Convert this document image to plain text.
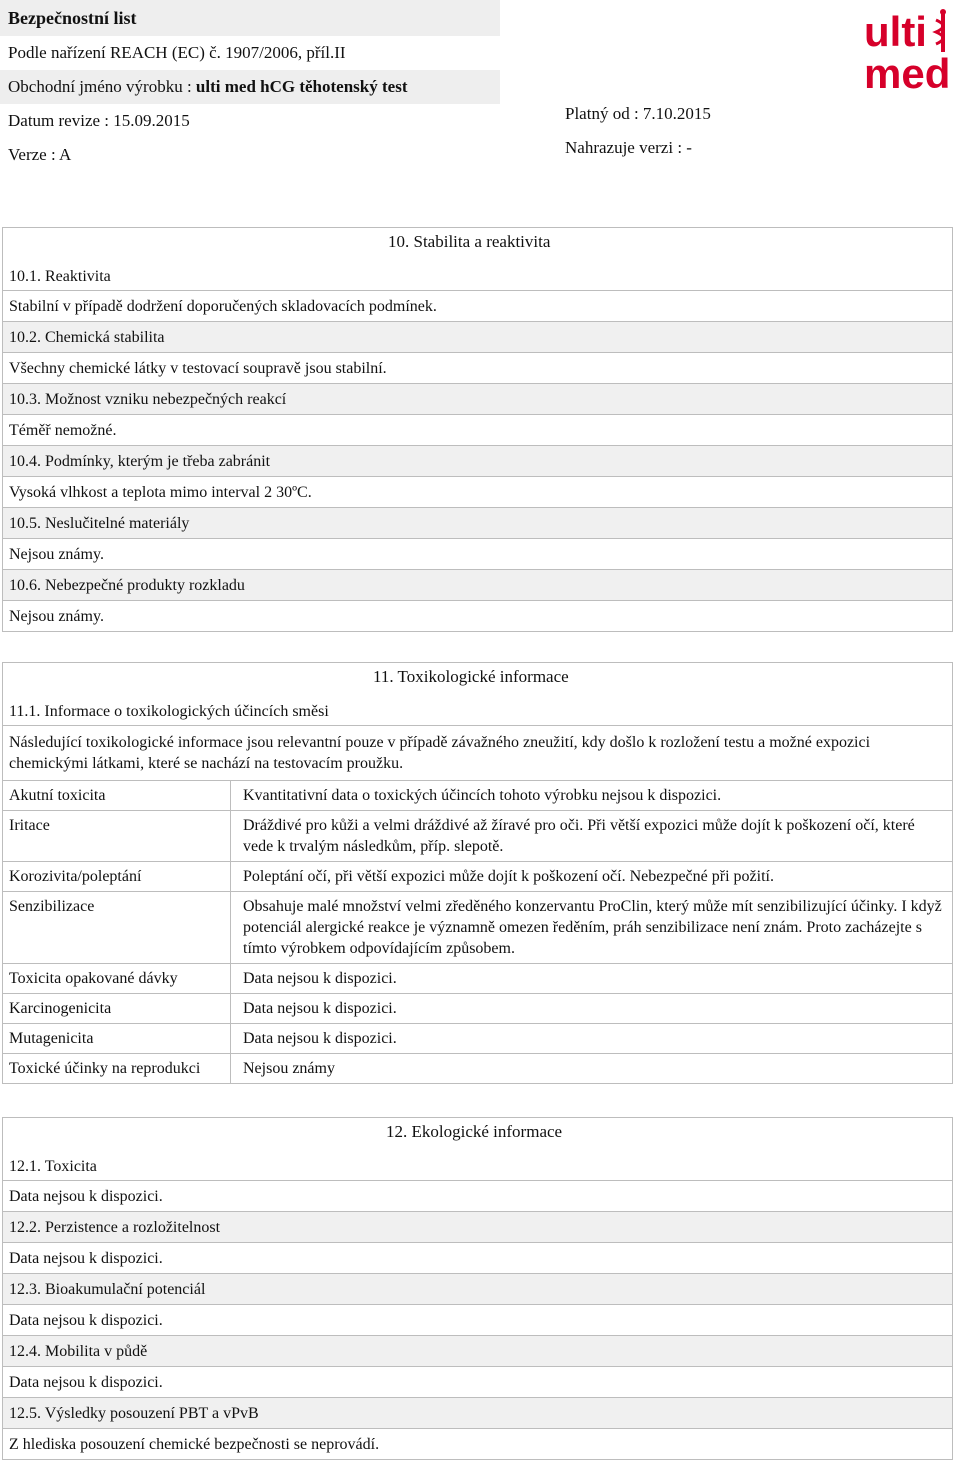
Bezpečnostní list
Podle nařízení REACH (EC) č. 1907/2006, příl.II
Obchodní jméno výrobku : ulti med hCG těhotenský test
Datum revize : 15.09.2015
Verze : A
Platný od : 7.10.2015
Nahrazuje verzi : -
ulti
med
10. Stabilita a reaktivita
10.1. Reaktivita
Stabilní v případě dodržení doporučených skladovacích podmínek.
10.2. Chemická stabilita
Všechny chemické látky v testovací soupravě jsou stabilní.
10.3. Možnost vzniku nebezpečných reakcí
Téměř nemožné.
10.4. Podmínky, kterým je třeba zabránit
Vysoká vlhkost a teplota mimo interval 2 30ºC.
10.5. Neslučitelné materiály
Nejsou známy.
10.6. Nebezpečné produkty rozkladu
Nejsou známy.
11. Toxikologické informace
11.1. Informace o toxikologických účincích směsi
Následující toxikologické informace jsou relevantní pouze v případě závažného zneužití, kdy došlo k rozložení testu a možné expozici chemickými látkami, které se nachází na testovacím proužku.
Akutní toxicita	Kvantitativní data o toxických účincích tohoto výrobku nejsou k dispozici.
Iritace	Dráždivé pro kůži a velmi dráždivé až žíravé pro oči. Při větší expozici může dojít k poškození očí, které vede k trvalým následkům, příp. slepotě.
Korozivita/poleptání	Poleptání očí, při větší expozici může dojít k poškození očí. Nebezpečné při požití.
Senzibilizace	Obsahuje malé množství velmi zředěného konzervantu ProClin, který může mít senzibilizující účinky. I když potenciál alergické reakce je významně omezen ředěním, práh senzibilizace není znám. Proto zacházejte s tímto výrobkem odpovídajícím způsobem.
Toxicita opakované dávky	Data nejsou k dispozici.
Karcinogenicita	Data nejsou k dispozici.
Mutagenicita	Data nejsou k dispozici.
Toxické účinky na reprodukci	Nejsou známy
12. Ekologické informace
12.1. Toxicita
Data nejsou k dispozici.
12.2. Perzistence a rozložitelnost
Data nejsou k dispozici.
12.3. Bioakumulační potenciál
Data nejsou k dispozici.
12.4. Mobilita v půdě
Data nejsou k dispozici.
12.5. Výsledky posouzení PBT a vPvB
Z hlediska posouzení chemické bezpečnosti se neprovádí.
